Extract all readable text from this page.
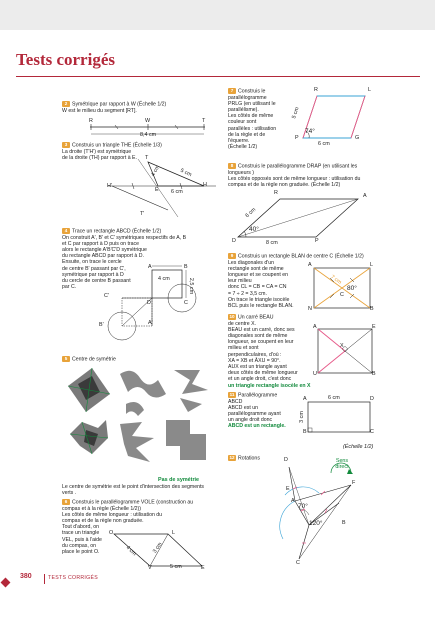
Tests corrigés
2 Symétrique par rapport à W (Échelle 1/2)
W est le milieu du segment [RT].
R	W	T
8,4 cm
3 Construis un triangle THE (Échelle 1/3)
La droite (T'H') est symétrique
de la droite (TH) par rapport à E.	T
H
E
H'
T'
4 cm	5 cm
6 cm
4 Trace un rectangle ABCD (Échelle 1/2)
On construit A', B' et C' symétriques respectifs de A, B
et C par rapport à D puis on trace
alors le rectangle A'B'C'D symétrique
du rectangle ABCD par rapport à D.
Ensuite, on trace le cercle
de centre B' passant par C',
symétrique par rapport à D
du cercle de centre B passant
par C.
A	B
C
D
A'
B'
C'
4 cm	2,5 cm
5 Centre de symétrie
Pas de symétrie
Le centre de symétrie est le point d'intersection des segments verts .
6 Construis le parallélogramme VOLE (construction au
compas et à la règle (Échelle 1/2))
Les côtés de même longueur : utilisation du
compas et de la règle non graduée.
Tout d'abord, on
trace un triangle
VEL, puis à l'aide
du compas, on
place le point O.
O	L
V	E
3 cm
4 cm
5 cm
7 Construis le
parallélogramme
PRLG (en utilisant le
parallélisme).
Les côtés de même
couleur sont
parallèles : utilisation
de la règle et de
l'équerre.
(Échelle 1/2)
R	L
P	G
74°
5 cm
6 cm
8 Construis le parallélogramme DRAP (en utilisant les
longueurs )
Les côtés opposés sont de même longueur : utilisation du
compas et de la règle non graduée. (Échelle 1/2)
R	A
D	P
40°
6 cm
8 cm
9 Construis un rectangle BLAN de centre C (Échelle 1/2)
Les diagonales d'un
rectangle sont de même
longueur et se coupent en
leur milieu
donc CL = CB = CA = CN
= 7 ÷ 2 = 3,5 cm.
On trace le triangle isocèle
BCL puis le rectangle BLAN.
A	L
N	B
C
80°
7 cm
10 Un carré BEAU
de centre X.
BEAU est un carré, donc ses
diagonales sont de même
longueur, se coupent en leur
milieu et sont
perpendiculaires, d'où :
XA = XB et ÂXU = 90°.
AUX est un triangle ayant
deux côtés de même longueur
et un angle droit, c'est donc
un triangle rectangle isocèle en X
A	E
U	B
X
11 Parallélogramme
ABCD
ABCD est un
parallélogramme ayant
un angle droit donc
ABCD est un rectangle.
A	D
B	C
6 cm
3 cm
(Échelle 1/2)
12 Rotations	Sens direct
D
E
F
A
B
C
70°
120°
380	TESTS CORRIGÉS
